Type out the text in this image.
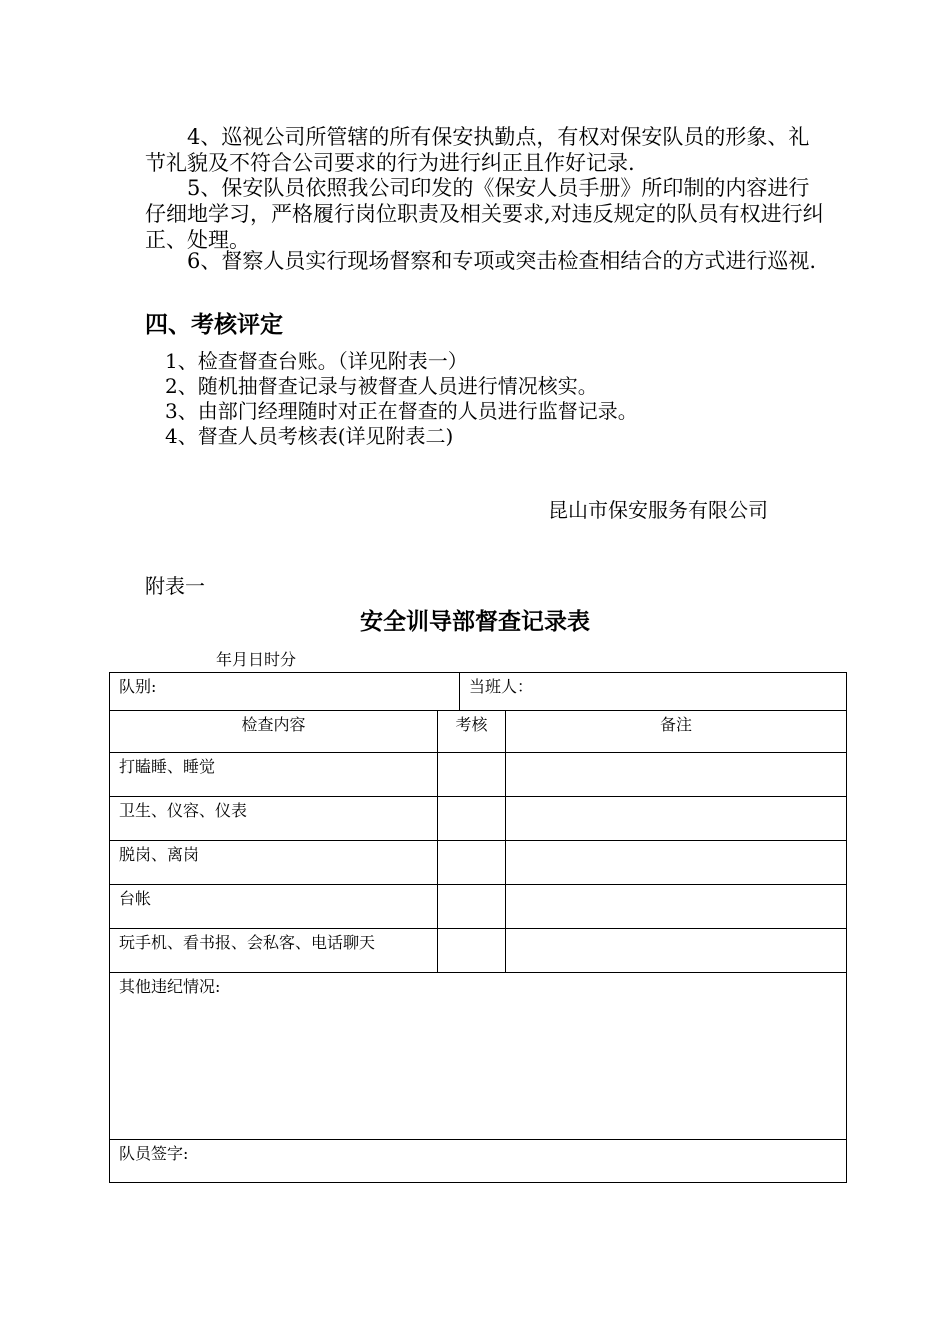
4、巡视公司所管辖的所有保安执勤点，有权对保安队员的形象、礼节礼貌及不符合公司要求的行为进行纠正且作好记录.

5、保安队员依照我公司印发的《保安人员手册》所印制的内容进行仔细地学习，严格履行岗位职责及相关要求,对违反规定的队员有权进行纠正、处理。

6、督察人员实行现场督察和专项或突击检查相结合的方式进行巡视.

四、考核评定
1、检查督查台账。（详见附表一）
2、随机抽督查记录与被督查人员进行情况核实。
3、由部门经理随时对正在督查的人员进行监督记录。
4、督查人员考核表(详见附表二)
昆山市保安服务有限公司
附表一
安全训导部督查记录表
年月日时分
队别:		当班人：	
检查内容	考核		备注
打瞌睡、睡觉			
卫生、仪容、仪表			
脱岗、离岗			
台帐			
玩手机、看书报、会私客、电话聊天			
其他违纪情况:			
队员签字:			
